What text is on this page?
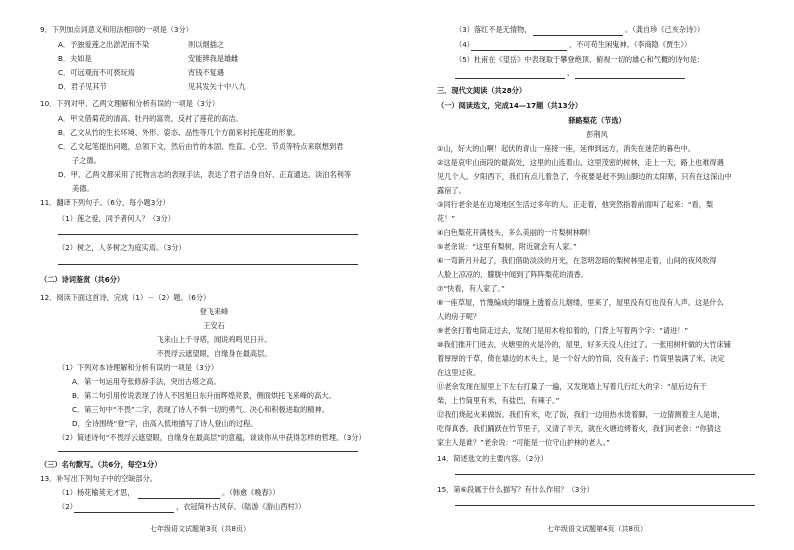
9．下列加点词意义和用法相同的一项是（3分）
A．予独爱莲之出淤泥而不染	则以烟插之
B．夫如是	安能辨我是雄雌
C．可远观而不可亵玩焉	宵钱不复遇
D．君子见其节	见其发矢十中八九
10．下列对甲、乙两文理解和分析有误的一项是（3分）
A．甲文借菊花的清高、牡丹的富贵，反衬了莲花的高洁。
B．乙文从竹的生长环境、外形、姿态、品性等几个方面来衬托莲花的形象。
C．乙文起笔提出问题，总领下文，然后由竹的本固、性直、心空、节贞等特点来联想到君
子之德。
D．甲、乙两文都采用了托物言志的表现手法，表达了君子洁身自好、正直通达、淡泊名利等
美德。
11．翻译下列句子。（6分，每小题3分）
（1）莲之爱，同予者何人？（3分）
（2）树之，人多树之为庭实焉。（3分）
（二）诗词鉴赏（共6分）
12．阅读下面这首诗，完成（1）－（2）题。（6分）
登飞来峰
王安石
飞来山上千寻塔，闻说鸡鸣见日升。
不畏浮云遮望眼，自缘身在最高层。
（1）下列对本诗理解和分析有误的一项是（3分）
A．第一句运用夸张修辞手法，突出古塔之高。
B．第二句引用传说表现了诗人不因旭日东升而辉煌亮景，侧面烘托飞来峰的高大。
C．第三句中“不畏”二字，表现了诗人不惧一切的勇气、决心和积极进取的精神。
D．全诗围绕“登”字，由高入低地描写了诗人登山的过程。
（2）简述诗句“不畏浮云遮望眼，自缘身在最高层”的意蕴，谈谈你从中获得怎样的哲理。（3分）
（三）名句默写。（共6分，每空1分）
13．补写出下列句子中的空缺部分。
（1）杨花榆荚无才思，	。（韩愈《晚春》）
（2）	，衣冠简朴古风存。（陆游《游山西村》）
七年级语文试题第3页（共8页）
（3）落红不是无情物，	。（龚自珍《己亥杂诗》）
（4）	，不可苟生闲鬼神。（李商隐《贾生》）
（5）杜甫在《望岳》中表现取于攀登绝顶、俯视一切的雄心和气概的诗句是：
，
三．现代文阅读（共28分）
（一）阅读选文，完成14—17题（共13分）
驿路梨花（节选）
彭荆风
①山，好大的山啊！起伏的青山一座接一座，延伸到远方，消失在迷茫的暮色中。
②这是哀牢山南段的最高处，这里的山连着山，这里茂密的树林，走上一天，路上也难得遇
见几个人。夕阳西下，我们有点儿着急了，今夜要是赶不到山脚边的太阳寨，只有在这深山中
露宿了。
③同行老余是在边境地区生活过多年的人。正走着，他突然指着前面叫了起来：“看，梨
花！”
④白色梨花开满枝头，多么美丽的一片梨树林啊！
⑤老余说：“这里有梨树，附近就会有人家。”
⑥一弯新月升起了，我们借助淡淡的月光，在忽明忽暗的梨树林里走着，山间的夜风吹得
人脸上凉凉的，朦胧中闻到了阵阵梨花的清香。
⑦“快看，有人家了。”
⑧一座草屋，竹篾编成的墙缝上透着点儿烟缕，里来了，屋里没有灯也没有人声。这是什么
人的房子呢？
⑨老余打着电筒走过去，发现门是用木栓扣着的，门背上写着两个字：“请进！”
⑩我们推开门进去，火塘里的火是冷的，屋里，好多天没人住过了。一张用树杆做的大竹床铺
着厚厚的干草，倚在墙边的木头上，是一个好大的竹筒，没有盖子；竹筒里装满了米，决定
在这里过夜。
⑪老余发现在屋里上下左右打量了一遍，又发现墙上写着几行红大的字：“屋后边有干
柴，上竹筒里有米，有盐巴，有辣子。”
⑫我们烧起火来做饭。我们有米，吃了饭，我们一边用热水烫着脚，一边猜测着主人是谁，
吃得真香。我们踊跃在竹节里子，又清了半天，就在火塘边烤着火，我们问老余：“你猜这
家主人是谁？”老余说：“可能是一位守山护林的老人。”
14．简述选文的主要内容。（2分）
15．第⑥段属于什么描写？有什么作用？（3分）
七年级语文试题第4页（共8页）
